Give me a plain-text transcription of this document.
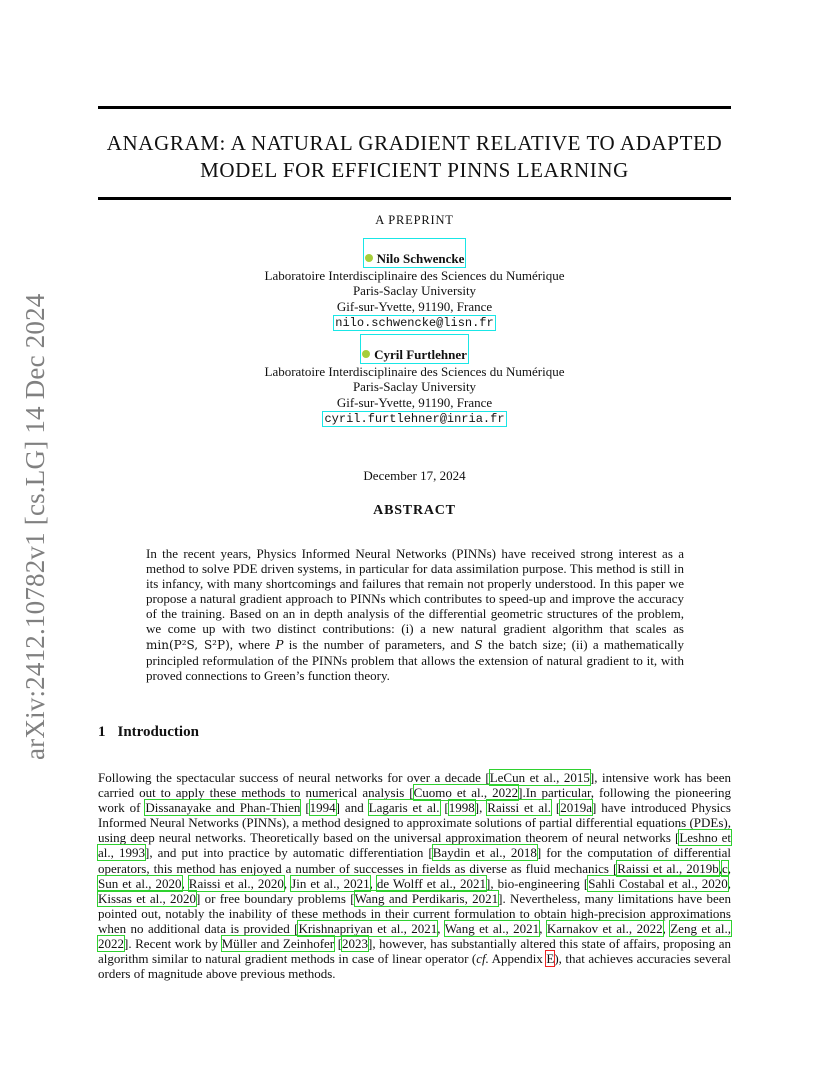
arXiv:2412.10782v1 [cs.LG] 14 Dec 2024
ANAGRAM: A NATURAL GRADIENT RELATIVE TO ADAPTED
MODEL FOR EFFICIENT PINNS LEARNING
A PREPRINT
Nilo Schwencke
Laboratoire Interdisciplinaire des Sciences du Numérique
Paris-Saclay University
Gif-sur-Yvette, 91190, France
nilo.schwencke@lisn.fr
Cyril Furtlehner
Laboratoire Interdisciplinaire des Sciences du Numérique
Paris-Saclay University
Gif-sur-Yvette, 91190, France
cyril.furtlehner@inria.fr
December 17, 2024
ABSTRACT
In the recent years, Physics Informed Neural Networks (PINNs) have received strong interest as a method to solve PDE driven systems, in particular for data assimilation purpose. This method is still in its infancy, with many shortcomings and failures that remain not properly understood. In this paper we propose a natural gradient approach to PINNs which contributes to speed-up and improve the accuracy of the training. Based on an in depth analysis of the differential geometric structures of the problem, we come up with two distinct contributions: (i) a new natural gradient algorithm that scales as min(P²S, S²P), where P is the number of parameters, and S the batch size; (ii) a mathematically principled reformulation of the PINNs problem that allows the extension of natural gradient to it, with proved connections to Green’s function theory.
1 Introduction
Following the spectacular success of neural networks for over a decade [LeCun et al., 2015], intensive work has been carried out to apply these methods to numerical analysis [Cuomo et al., 2022].In particular, following the pioneering work of Dissanayake and Phan-Thien [1994] and Lagaris et al. [1998], Raissi et al. [2019a] have introduced Physics Informed Neural Networks (PINNs), a method designed to approximate solutions of partial differential equations (PDEs), using deep neural networks. Theoretically based on the universal approximation theorem of neural networks [Leshno et al., 1993], and put into practice by automatic differentiation [Baydin et al., 2018] for the computation of differential operators, this method has enjoyed a number of successes in fields as diverse as fluid mechanics [Raissi et al., 2019b,c, Sun et al., 2020, Raissi et al., 2020, Jin et al., 2021, de Wolff et al., 2021], bio-engineering [Sahli Costabal et al., 2020, Kissas et al., 2020] or free boundary problems [Wang and Perdikaris, 2021]. Nevertheless, many limitations have been pointed out, notably the inability of these methods in their current formulation to obtain high-precision approximations when no additional data is provided [Krishnapriyan et al., 2021, Wang et al., 2021, Karnakov et al., 2022, Zeng et al., 2022]. Recent work by Müller and Zeinhofer [2023], however, has substantially altered this state of affairs, proposing an algorithm similar to natural gradient methods in case of linear operator (cf. Appendix E), that achieves accuracies several orders of magnitude above previous methods.
